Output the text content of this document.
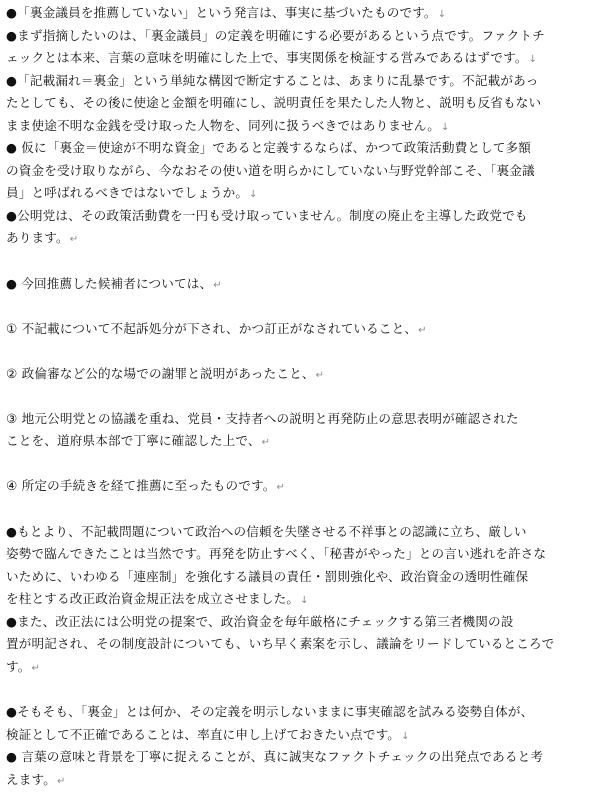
●「裏金議員を推薦していない」という発言は、事実に基づいたものです。↓
●まず指摘したいのは、「裏金議員」の定義を明確にする必要があるという点です。ファクトチ
ェックとは本来、言葉の意味を明確にした上で、事実関係を検証する営みであるはずです。↓
●「記載漏れ＝裏金」という単純な構図で断定することは、あまりに乱暴です。不記載があっ
たとしても、その後に使途と金額を明確にし、説明責任を果たした人物と、説明も反省もない
まま使途不明な金銭を受け取った人物を、同列に扱うべきではありません。↓
● 仮に「裏金＝使途が不明な資金」であると定義するならば、かつて政策活動費として多額
の資金を受け取りながら、今なおその使い道を明らかにしていない与野党幹部こそ、「裏金議
員」と呼ばれるべきではないでしょうか。↓
●公明党は、その政策活動費を一円も受け取っていません。制度の廃止を主導した政党でも
あります。↵
● 今回推薦した候補者については、↵
① 不記載について不起訴処分が下され、かつ訂正がなされていること、↵
② 政倫審など公的な場での謝罪と説明があったこと、↵
③ 地元公明党との協議を重ね、党員・支持者への説明と再発防止の意思表明が確認された
ことを、道府県本部で丁寧に確認した上で、↵
④ 所定の手続きを経て推薦に至ったものです。↵
●もとより、不記載問題について政治への信頼を失墜させる不祥事との認識に立ち、厳しい
姿勢で臨んできたことは当然です。再発を防止すべく、「秘書がやった」との言い逃れを許さな
いために、いわゆる「連座制」を強化する議員の責任・罰則強化や、政治資金の透明性確保
を柱とする改正政治資金規正法を成立させました。↓
●また、改正法には公明党の提案で、政治資金を毎年厳格にチェックする第三者機関の設
置が明記され、その制度設計についても、いち早く素案を示し、議論をリードしているところで
す。↵
●そもそも、「裏金」とは何か、その定義を明示しないままに事実確認を試みる姿勢自体が、
検証として不正確であることは、率直に申し上げておきたい点です。↓
● 言葉の意味と背景を丁寧に捉えることが、真に誠実なファクトチェックの出発点であると考
えます。↵
